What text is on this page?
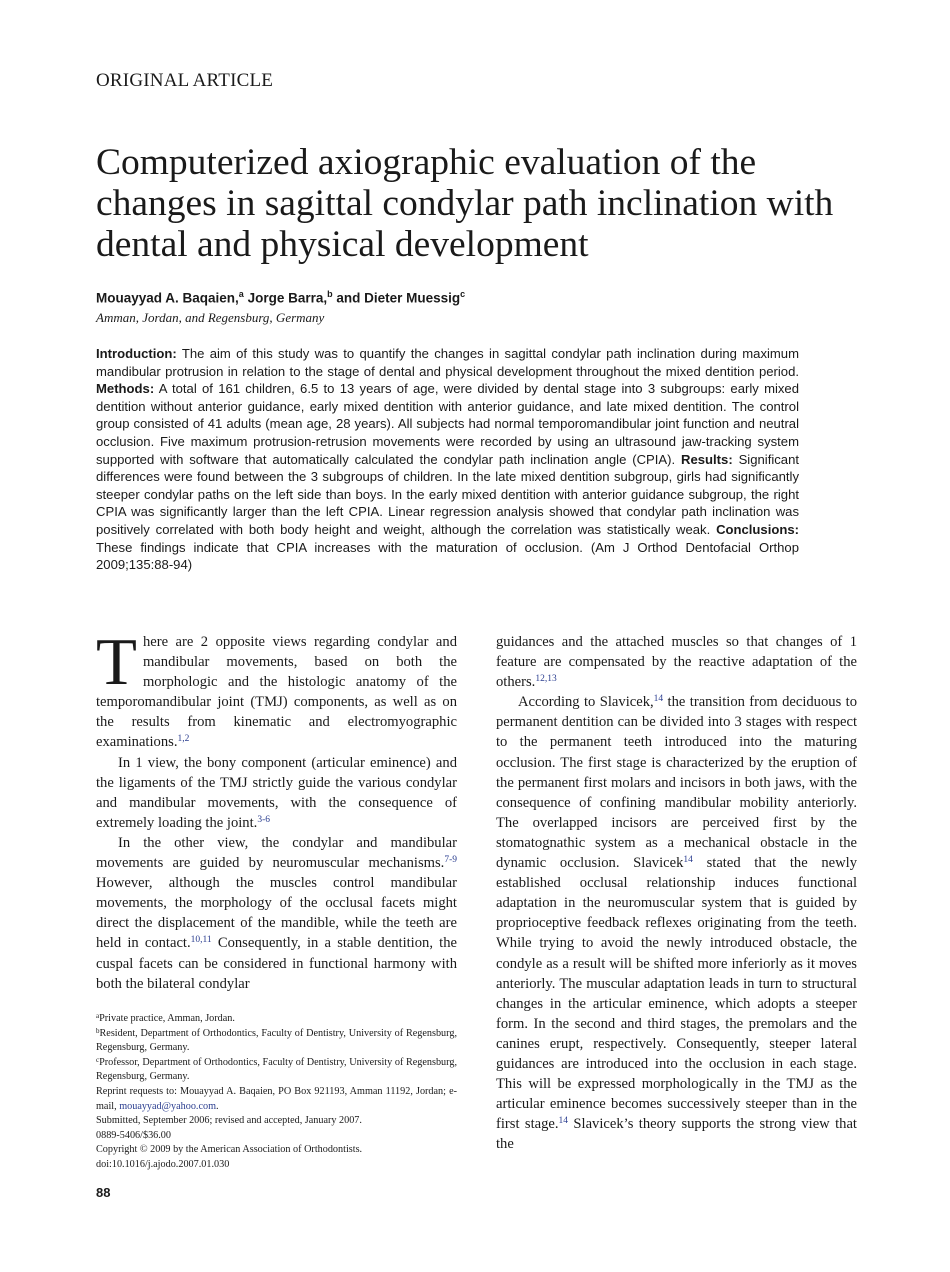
ORIGINAL ARTICLE
Computerized axiographic evaluation of the changes in sagittal condylar path inclination with dental and physical development
Mouayyad A. Baqaien,$^a$ Jorge Barra,$^b$ and Dieter Muessig$^c$
Amman, Jordan, and Regensburg, Germany

Introduction: The aim of this study was to quantify the changes in sagittal condylar path inclination during maximum mandibular protrusion in relation to the stage of dental and physical development throughout the mixed dentition period. Methods: A total of 161 children, 6.5 to 13 years of age, were divided by dental stage into 3 subgroups: early mixed dentition without anterior guidance, early mixed dentition with anterior guidance, and late mixed dentition. The control group consisted of 41 adults (mean age, 28 years). All subjects had normal temporomandibular joint function and neutral occlusion. Five maximum protrusion-retrusion movements were recorded by using an ultrasound jaw-tracking system supported with software that automatically calculated the condylar path inclination angle (CPIA). Results: Significant differences were found between the 3 subgroups of children. In the late mixed dentition subgroup, girls had significantly steeper condylar paths on the left side than boys. In the early mixed dentition with anterior guidance subgroup, the right CPIA was significantly larger than the left CPIA. Linear regression analysis showed that condylar path inclination was positively correlated with both body height and weight, although the correlation was statistically weak. Conclusions: These findings indicate that CPIA increases with the maturation of occlusion. (Am J Orthod Dentofacial Orthop 2009;135:88-94)

There are 2 opposite views regarding condylar and mandibular movements, based on both the morphologic and the histologic anatomy of the temporomandibular joint (TMJ) components, as well as on the results from kinematic and electromyographic examinations.$^{1,2}$

In 1 view, the bony component (articular eminence) and the ligaments of the TMJ strictly guide the various condylar and mandibular movements, with the consequence of extremely loading the joint.$^{3-6}$

In the other view, the condylar and mandibular movements are guided by neuromuscular mechanisms.$^{7-9}$ However, although the muscles control mandibular movements, the morphology of the occlusal facets might direct the displacement of the mandible, while the teeth are held in contact.$^{10,11}$ Consequently, in a stable dentition, the cuspal facets can be considered in functional harmony with both the bilateral condylar

$^a$Private practice, Amman, Jordan.
$^b$Resident, Department of Orthodontics, Faculty of Dentistry, University of Regensburg, Regensburg, Germany.
$^c$Professor, Department of Orthodontics, Faculty of Dentistry, University of Regensburg, Regensburg, Germany.
Reprint requests to: Mouayyad A. Baqaien, PO Box 921193, Amman 11192, Jordan; e-mail, mouayyad@yahoo.com.
Submitted, September 2006; revised and accepted, January 2007.
0889-5406/$36.00
Copyright © 2009 by the American Association of Orthodontists.
doi:10.1016/j.ajodo.2007.01.030
88

guidances and the attached muscles so that changes of 1 feature are compensated by the reactive adaptation of the others.$^{12,13}$

According to Slavicek,$^{14}$ the transition from deciduous to permanent dentition can be divided into 3 stages with respect to the permanent teeth introduced into the maturing occlusion. The first stage is characterized by the eruption of the permanent first molars and incisors in both jaws, with the consequence of confining mandibular mobility anteriorly. The overlapped incisors are perceived first by the stomatognathic system as a mechanical obstacle in the dynamic occlusion. Slavicek$^{14}$ stated that the newly established occlusal relationship induces functional adaptation in the neuromuscular system that is guided by proprioceptive feedback reflexes originating from the teeth. While trying to avoid the newly introduced obstacle, the condyle as a result will be shifted more inferiorly as it moves anteriorly. The muscular adaptation leads in turn to structural changes in the articular eminence, which adopts a steeper form. In the second and third stages, the premolars and the canines erupt, respectively. Consequently, steeper lateral guidances are introduced into the occlusion in each stage. This will be expressed morphologically in the TMJ as the articular eminence becomes successively steeper than in the first stage.$^{14}$ Slavicek’s theory supports the strong view that the
